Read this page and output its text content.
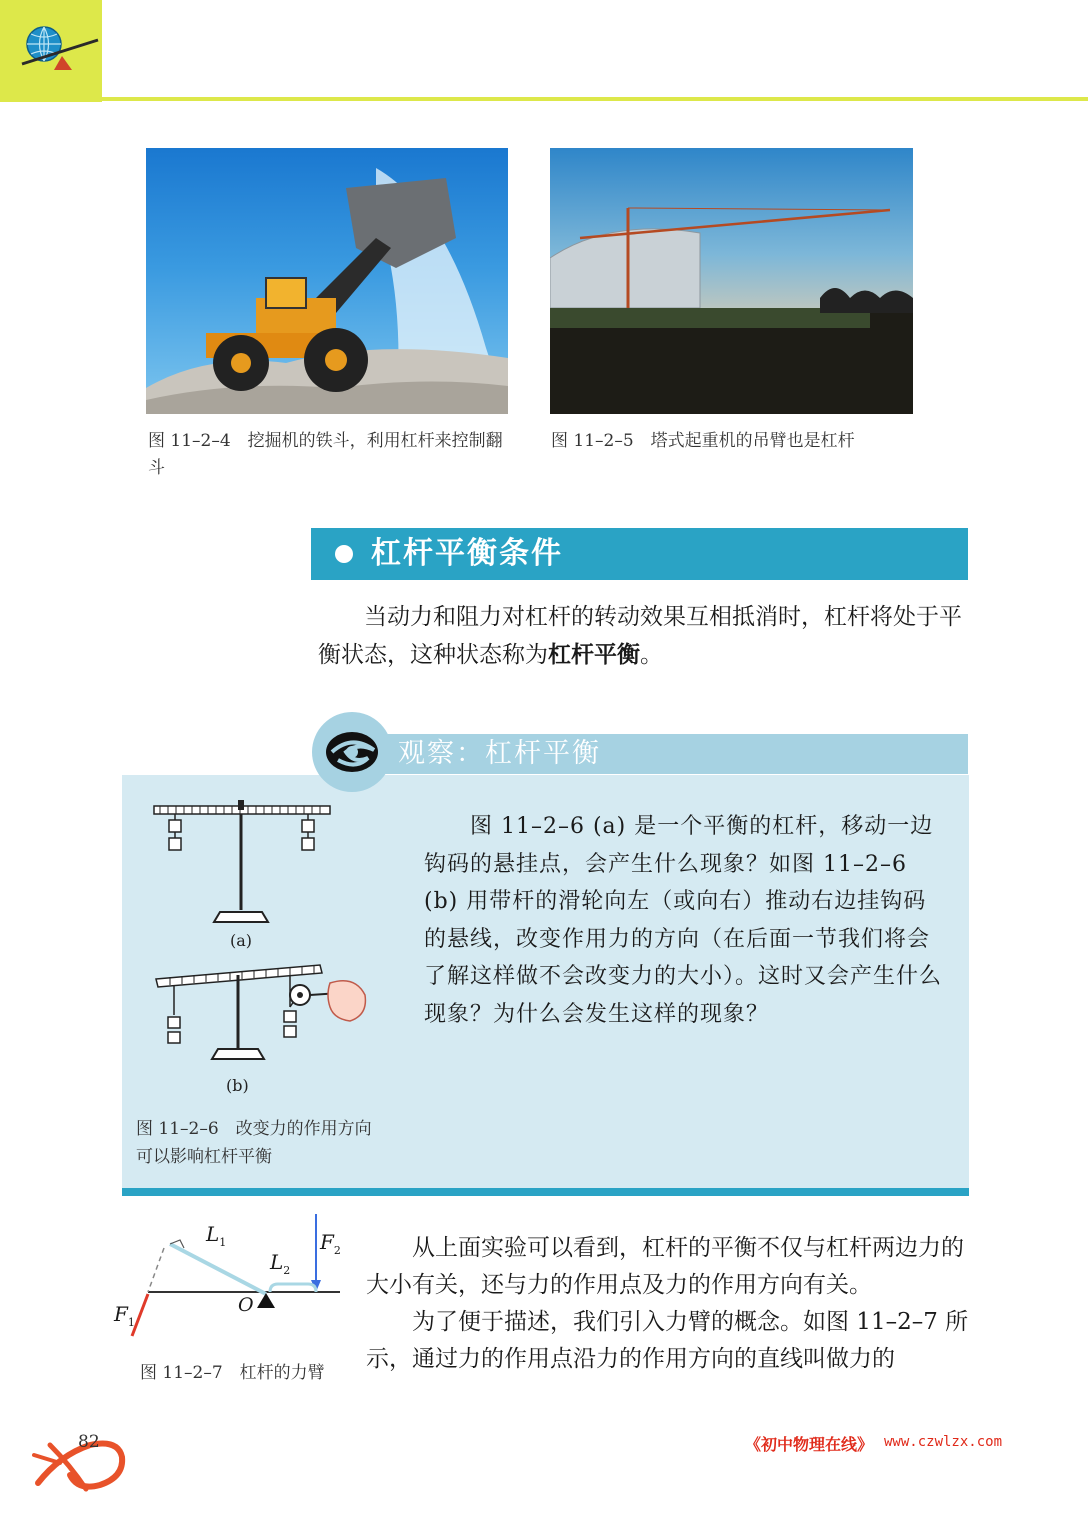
图 11–2–4　挖掘机的铁斗，利用杠杆来控制翻斗
图 11–2–5　塔式起重机的吊臂也是杠杆
杠杆平衡条件
当动力和阻力对杠杆的转动效果互相抵消时，杠杆将处于平衡状态，这种状态称为杠杆平衡。
观察：杠杆平衡
(a)
(b)
图 11–2–6　改变力的作用方向可以影响杠杆平衡
图 11–2–6 (a) 是一个平衡的杠杆，移动一边钩码的悬挂点，会产生什么现象？如图 11–2–6 (b) 用带杆的滑轮向左（或向右）推动右边挂钩码的悬线，改变作用力的方向（在后面一节我们将会了解这样做不会改变力的大小）。这时又会产生什么现象？为什么会发生这样的现象？
$L_1$
$L_2$
$F_2$
$F_1$
O
图 11–2–7　杠杆的力臂
从上面实验可以看到，杠杆的平衡不仅与杠杆两边力的大小有关，还与力的作用点及力的作用方向有关。
为了便于描述，我们引入力臂的概念。如图 11–2–7 所示，通过力的作用点沿力的作用方向的直线叫做力的
82	《初中物理在线》 www.czwlzx.com
